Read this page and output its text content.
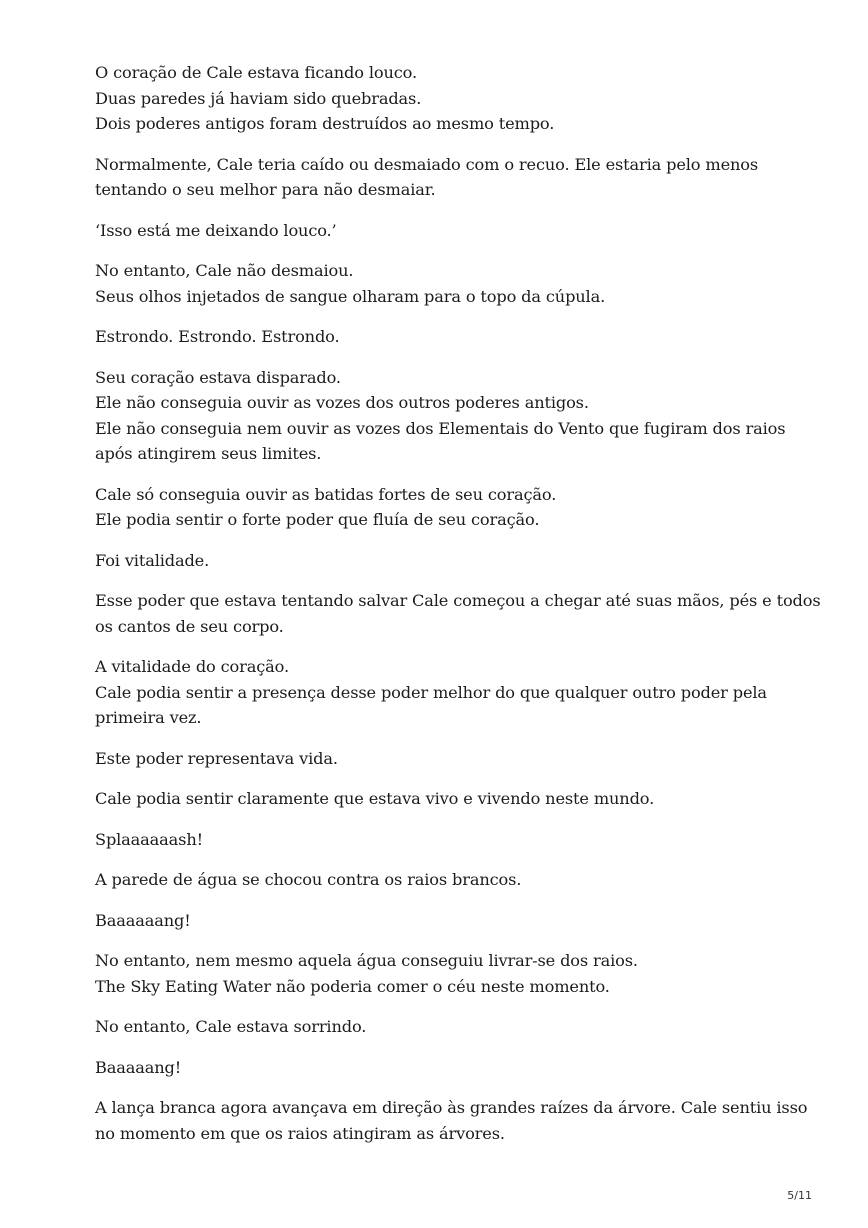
O coração de Cale estava ficando louco.
Duas paredes já haviam sido quebradas.
Dois poderes antigos foram destruídos ao mesmo tempo.

Normalmente, Cale teria caído ou desmaiado com o recuo. Ele estaria pelo menos
tentando o seu melhor para não desmaiar.

‘Isso está me deixando louco.’

No entanto, Cale não desmaiou.
Seus olhos injetados de sangue olharam para o topo da cúpula.

Estrondo. Estrondo. Estrondo.

Seu coração estava disparado.
Ele não conseguia ouvir as vozes dos outros poderes antigos.
Ele não conseguia nem ouvir as vozes dos Elementais do Vento que fugiram dos raios
após atingirem seus limites.

Cale só conseguia ouvir as batidas fortes de seu coração.
Ele podia sentir o forte poder que fluía de seu coração.

Foi vitalidade.

Esse poder que estava tentando salvar Cale começou a chegar até suas mãos, pés e todos
os cantos de seu corpo.

A vitalidade do coração.
Cale podia sentir a presença desse poder melhor do que qualquer outro poder pela
primeira vez.

Este poder representava vida.

Cale podia sentir claramente que estava vivo e vivendo neste mundo.

Splaaaaaash!

A parede de água se chocou contra os raios brancos.

Baaaaaang!

No entanto, nem mesmo aquela água conseguiu livrar-se dos raios.
The Sky Eating Water não poderia comer o céu neste momento.

No entanto, Cale estava sorrindo.

Baaaaang!

A lança branca agora avançava em direção às grandes raízes da árvore. Cale sentiu isso
no momento em que os raios atingiram as árvores.

5/11
